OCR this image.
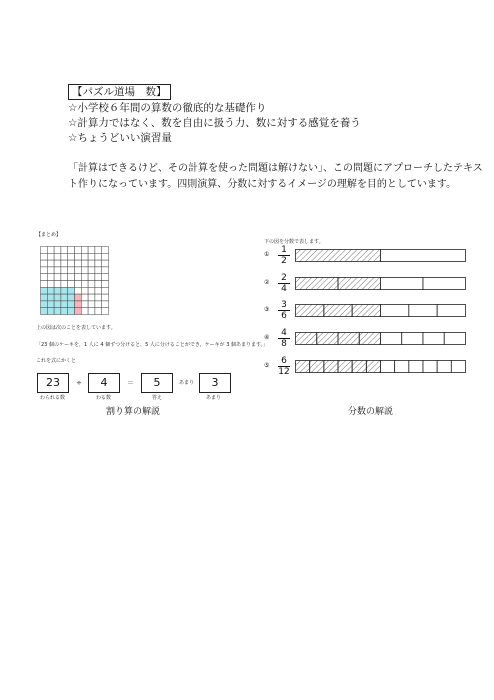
【パズル道場　数】
☆小学校６年間の算数の徹底的な基礎作り
☆計算力ではなく、数を自由に扱う力、数に対する感覚を養う
☆ちょうどいい演習量
「計算はできるけど、その計算を使った問題は解けない」、この問題にアプローチしたテキス
ト作りになっています。四則演算、分数に対するイメージの理解を目的としています。
【まとめ】
上の図は次のことを表しています。
「23 個のケーキを，1 人に 4 個ずつ分けると，5 人に分けることができ，ケーキが 3 個あまります。」
これを式にかくと
23	÷	4	＝	5	あまり	3
わられる数	わる数	答え	あまり
割り算の解説
下の図を分数で表します。
①	1
2
②	2
4
③	3
6
④	4
8
⑤	6
12
分数の解説
